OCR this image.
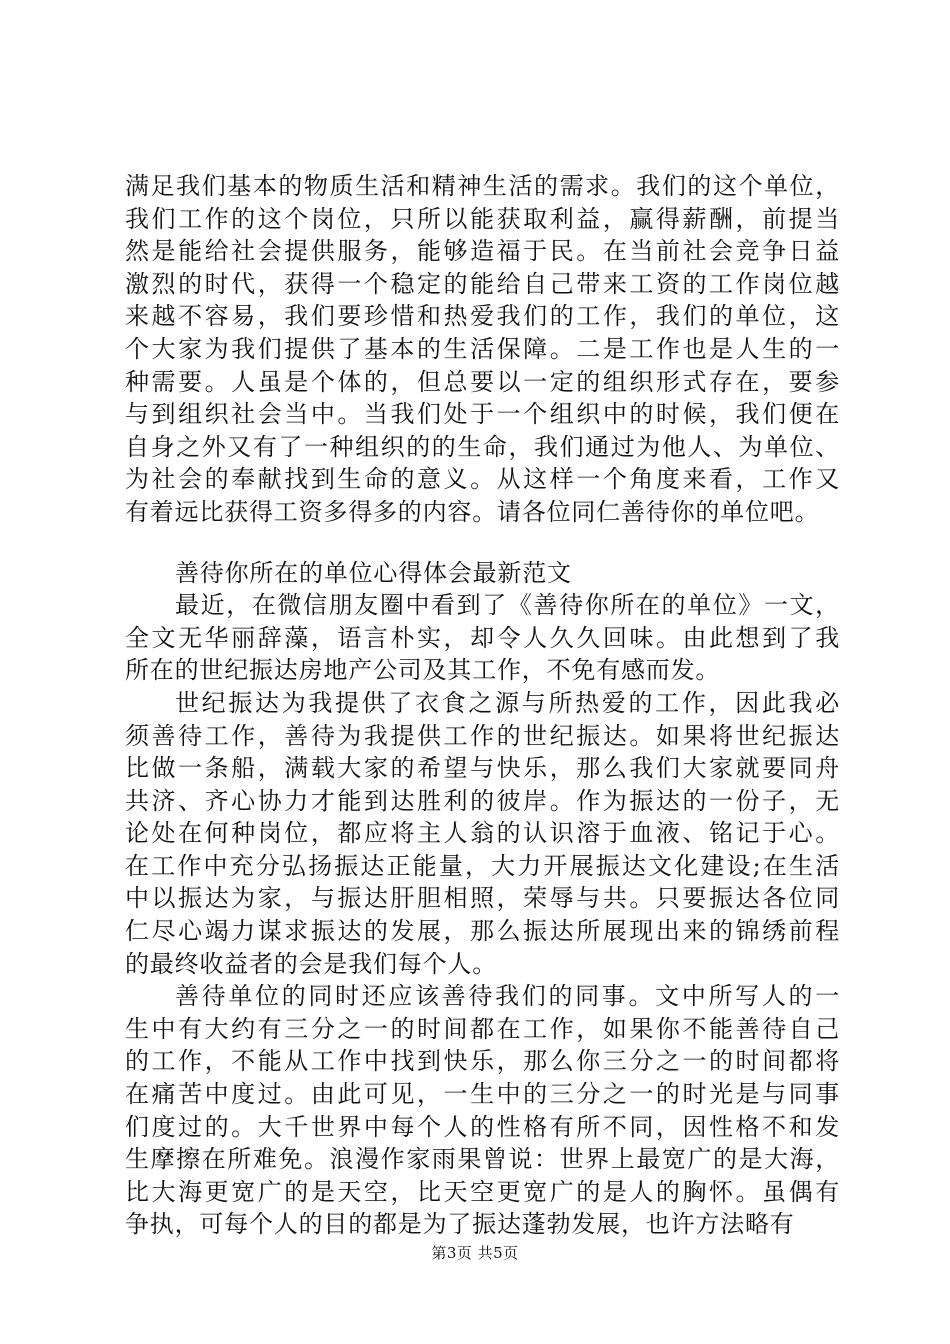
满足我们基本的物质生活和精神生活的需求。我们的这个单位，
我们工作的这个岗位，只所以能获取利益，赢得薪酬，前提当
然是能给社会提供服务，能够造福于民。在当前社会竞争日益
激烈的时代，获得一个稳定的能给自己带来工资的工作岗位越
来越不容易，我们要珍惜和热爱我们的工作，我们的单位，这
个大家为我们提供了基本的生活保障。二是工作也是人生的一
种需要。人虽是个体的，但总要以一定的组织形式存在，要参
与到组织社会当中。当我们处于一个组织中的时候，我们便在
自身之外又有了一种组织的的生命，我们通过为他人、为单位、
为社会的奉献找到生命的意义。从这样一个角度来看，工作又
有着远比获得工资多得多的内容。请各位同仁善待你的单位吧。
善待你所在的单位心得体会最新范文
最近，在微信朋友圈中看到了《善待你所在的单位》一文，
全文无华丽辞藻，语言朴实，却令人久久回味。由此想到了我
所在的世纪振达房地产公司及其工作，不免有感而发。
世纪振达为我提供了衣食之源与所热爱的工作，因此我必
须善待工作，善待为我提供工作的世纪振达。如果将世纪振达
比做一条船，满载大家的希望与快乐，那么我们大家就要同舟
共济、齐心协力才能到达胜利的彼岸。作为振达的一份子，无
论处在何种岗位，都应将主人翁的认识溶于血液、铭记于心。
在工作中充分弘扬振达正能量，大力开展振达文化建设;在生活
中以振达为家，与振达肝胆相照，荣辱与共。只要振达各位同
仁尽心竭力谋求振达的发展，那么振达所展现出来的锦绣前程
的最终收益者的会是我们每个人。
善待单位的同时还应该善待我们的同事。文中所写人的一
生中有大约有三分之一的时间都在工作，如果你不能善待自己
的工作，不能从工作中找到快乐，那么你三分之一的时间都将
在痛苦中度过。由此可见，一生中的三分之一的时光是与同事
们度过的。大千世界中每个人的性格有所不同，因性格不和发
生摩擦在所难免。浪漫作家雨果曾说：世界上最宽广的是大海，
比大海更宽广的是天空，比天空更宽广的是人的胸怀。虽偶有
争执，可每个人的目的都是为了振达蓬勃发展，也许方法略有
第3页 共5页
